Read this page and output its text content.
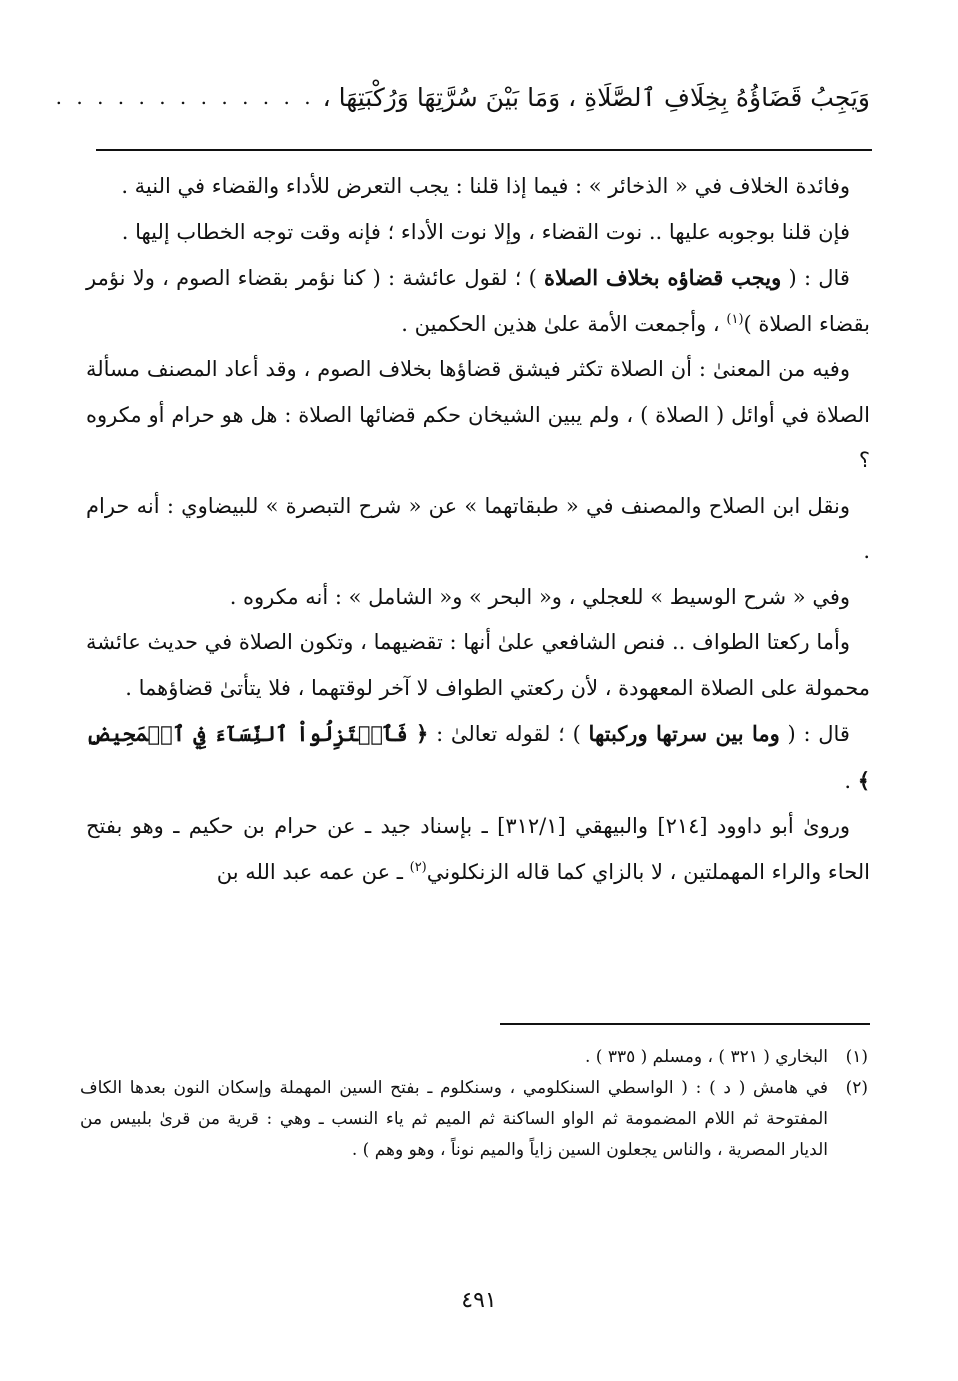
وَيَجِبُ قَضَاؤُهُ بِخِلَافِ ٱلصَّلَاةِ ، وَمَا بَيْنَ سُرَّتِهَا وَرُكْبَتِهَا ،
. . . . . . . . . . . . .

وفائدة الخلاف في « الذخائر » : فيما إذا قلنا : يجب التعرض للأداء والقضاء في النية .

فإن قلنا بوجوبه عليها .. نوت القضاء ، وإلا نوت الأداء ؛ فإنه وقت توجه الخطاب إليها .

قال : ( ويجب قضاؤه بخلاف الصلاة ) ؛ لقول عائشة : ( كنا نؤمر بقضاء الصوم ، ولا نؤمر بقضاء الصلاة )$^{(١)}$ ، وأجمعت الأمة علىٰ هذين الحكمين .

وفيه من المعنىٰ : أن الصلاة تكثر فيشق قضاؤها بخلاف الصوم ، وقد أعاد المصنف مسألة الصلاة في أوائل ( الصلاة ) ، ولم يبين الشيخان حكم قضائها الصلاة : هل هو حرام أو مكروه ؟

ونقل ابن الصلاح والمصنف في « طبقاتهما » عن « شرح التبصرة » للبيضاوي : أنه حرام .

وفي « شرح الوسيط » للعجلي ، و« البحر » و« الشامل » : أنه مكروه .

وأما ركعتا الطواف .. فنص الشافعي علىٰ أنها : تقضيهما ، وتكون الصلاة في حديث عائشة محمولة على الصلاة المعهودة ، لأن ركعتي الطواف لا آخر لوقتهما ، فلا يتأتىٰ قضاؤهما .

قال : ( وما بين سرتها وركبتها ) ؛ لقوله تعالىٰ : ﴿ فَٱعۡتَزِلُواْ ٱلنِّسَآءَ فِي ٱلۡمَحِيضِ ﴾ .

وروىٰ أبو داوود [٢١٤] والبيهقي [٣١٢/١] ـ بإسناد جيد ـ عن حرام بن حكيم ـ وهو بفتح الحاء والراء المهملتين ، لا بالزاي كما قاله الزنكلوني$^{(٢)}$ ـ عن عمه عبد الله بن

(١)
البخاري ( ٣٢١ ) ، ومسلم ( ٣٣٥ ) .
(٢)
في هامش ( د ) : ( الواسطي السنكلومي ، وسنكلوم ـ بفتح السين المهملة وإسكان النون بعدها الكاف المفتوحة ثم اللام المضمومة ثم الواو الساكنة ثم الميم ثم ياء النسب ـ وهي : قرية من قرىٰ بلبيس من الديار المصرية ، والناس يجعلون السين زاياً والميم نوناً ، وهو وهم ) .
٤٩١
